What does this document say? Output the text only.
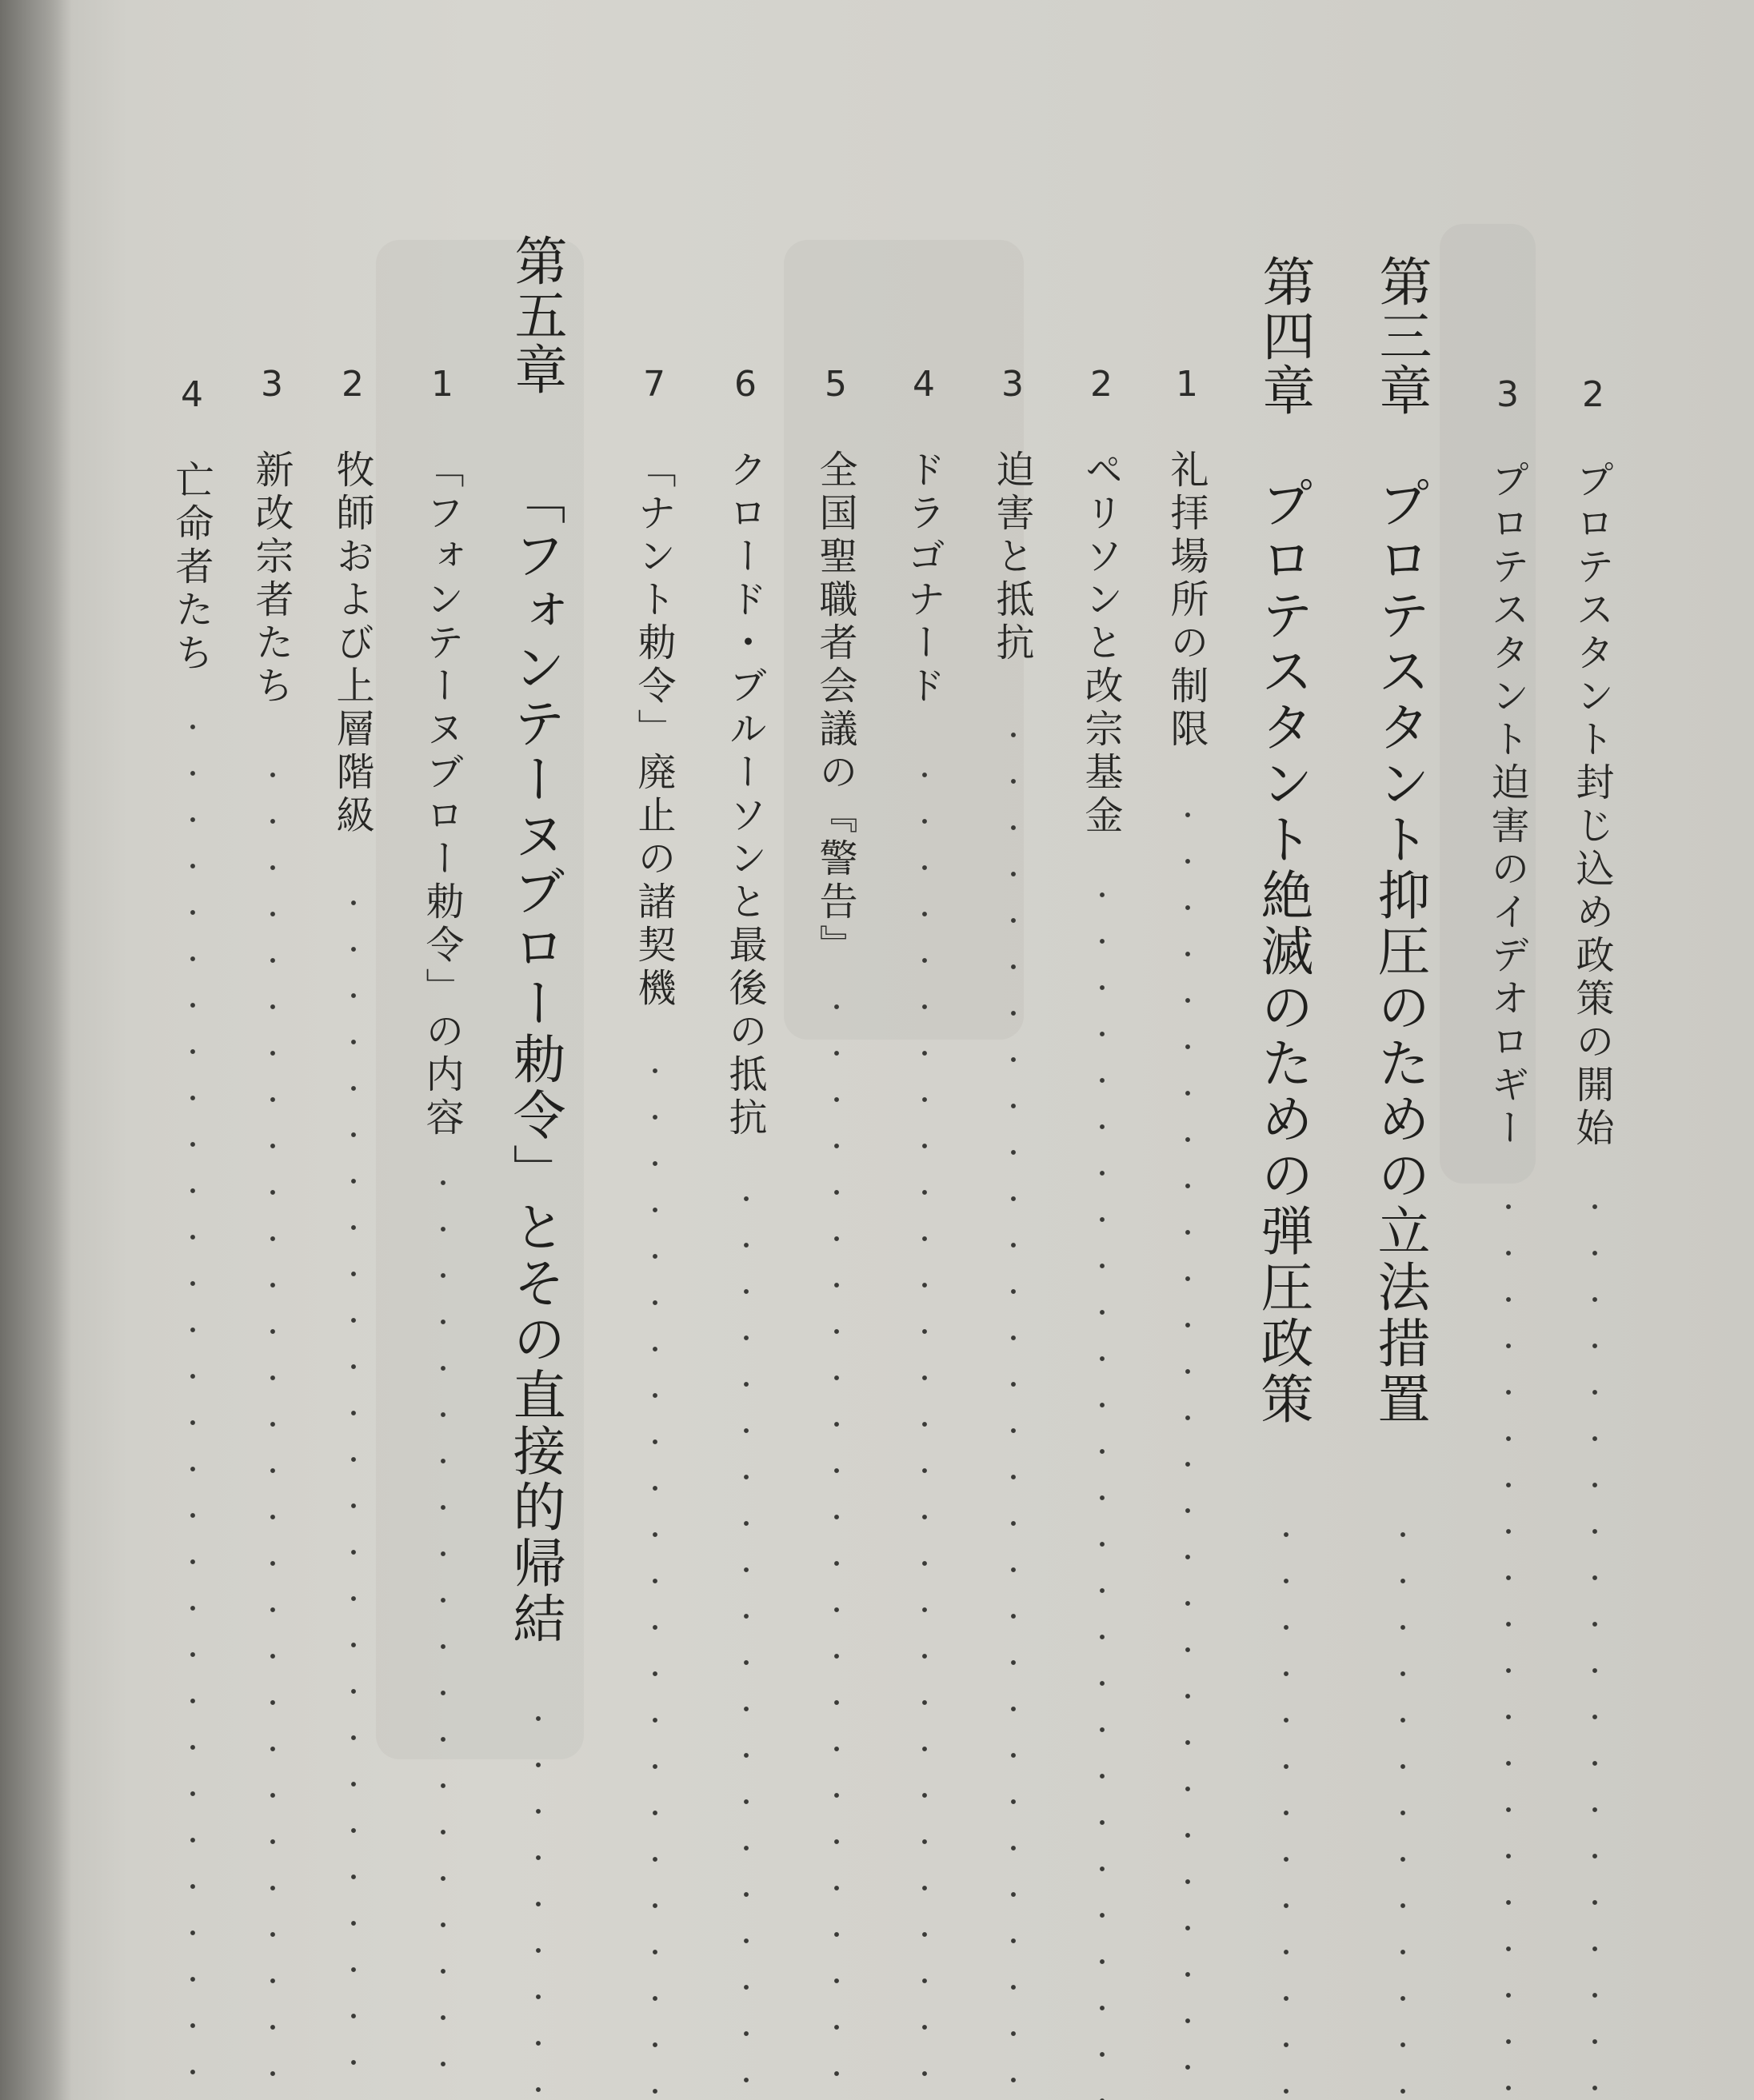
2
プロテスタント封じ込め政策の開始
3
プロテスタント迫害のイデオロギー
第三章
プロテスタント抑圧のための立法措置
第四章
プロテスタント絶滅のための弾圧政策
1
礼拝場所の制限
2
ペリソンと改宗基金
3
迫害と抵抗
4
ドラゴナード
5
全国聖職者会議の『警告』
6
クロード・ブルーソンと最後の抵抗
7
「ナント勅令」廃止の諸契機
第五章
「フォンテーヌブロー勅令」とその直接的帰結
1
「フォンテーヌブロー勅令」の内容
2
牧師および上層階級
3
新改宗者たち
4
亡命者たち
